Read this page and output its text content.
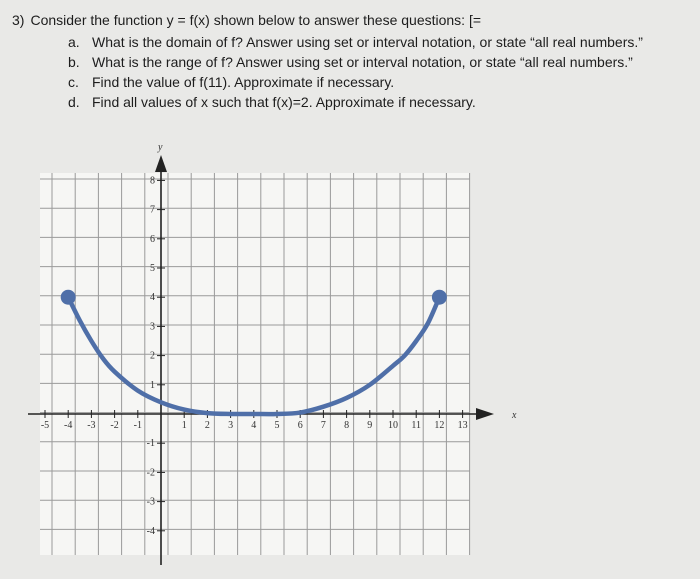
3) Consider the function y = f(x) shown below to answer these questions: [=
a. What is the domain of f? Answer using set or interval notation, or state “all real numbers.”
b. What is the range of f? Answer using set or interval notation, or state “all real numbers.”
c. Find the value of f(11). Approximate if necessary.
d. Find all values of x such that f(x)=2. Approximate if necessary.
x
y
-5 -4 -3 -2 -1	1 2 3 4 5 6 7 8 9 10 11 12 13
-4
-3
-2
-1
1
2
3
4
5
6
7
8
